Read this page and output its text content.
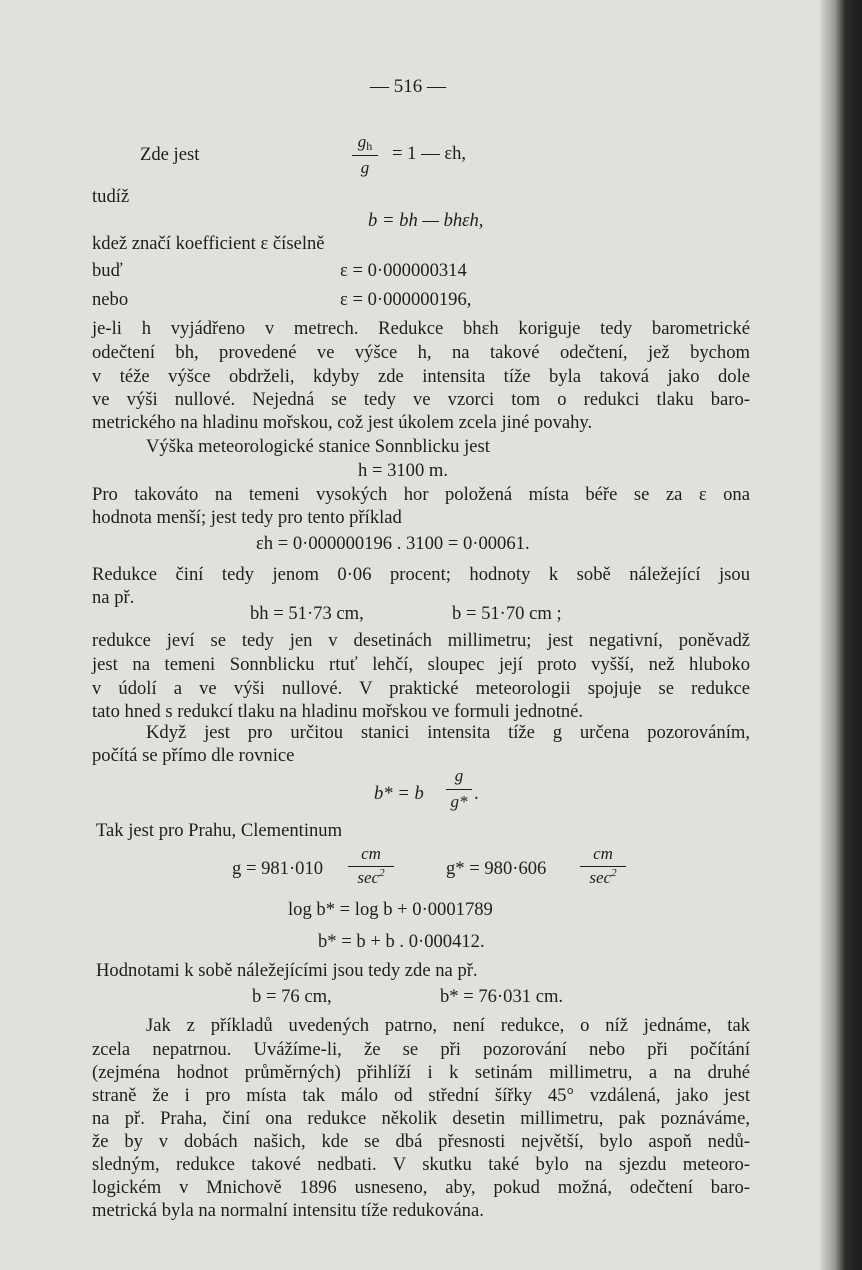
— 516 —
Zde jest
gh
g
= 1 — εh,
tudíž
b = bh — bhεh,
kdež značí koefficient ε číselně
buď	ε = 0·000000314
nebo	ε = 0·000000196,
je-li h vyjádřeno v metrech. Redukce bhεh koriguje tedy barometrické
odečtení bh, provedené ve výšce h, na takové odečtení, jež bychom
v téže výšce obdrželi, kdyby zde intensita tíže byla taková jako dole
ve výši nullové. Nejedná se tedy ve vzorci tom o redukci tlaku baro-
metrického na hladinu mořskou, což jest úkolem zcela jiné povahy.
Výška meteorologické stanice Sonnblicku jest
h = 3100 m.
Pro takováto na temeni vysokých hor položená místa béře se za ε ona
hodnota menší; jest tedy pro tento příklad
εh = 0·000000196 . 3100 = 0·00061.
Redukce činí tedy jenom 0·06 procent; hodnoty k sobě náležející jsou
na př.
bh = 51·73 cm,	b = 51·70 cm ;
redukce jeví se tedy jen v desetinách millimetru; jest negativní, poněvadž
jest na temeni Sonnblicku rtuť lehčí, sloupec její proto vyšší, než hluboko
v údolí a ve výši nullové. V praktické meteorologii spojuje se redukce
tato hned s redukcí tlaku na hladinu mořskou ve formuli jednotné.
Když jest pro určitou stanici intensita tíže g určena pozorováním,
počítá se přímo dle rovnice
b* = b
g
g* .
Tak jest pro Prahu, Clementinum
g = 981·010
cm
$\sec^2$	g* = 980·606
cm
$\sec^2$
log b* = log b + 0·0001789
b* = b + b . 0·000412.
Hodnotami k sobě náležejícími jsou tedy zde na př.
b = 76 cm,	b* = 76·031 cm.
Jak z příkladů uvedených patrno, není redukce, o níž jednáme, tak
zcela nepatrnou. Uvážíme-li, že se při pozorování nebo při počítání
(zejména hodnot průměrných) přihlíží i k setinám millimetru, a na druhé
straně že i pro místa tak málo od střední šířky 45° vzdálená, jako jest
na př. Praha, činí ona redukce několik desetin millimetru, pak poznáváme,
že by v dobách našich, kde se dbá přesnosti největší, bylo aspoň nedů-
sledným, redukce takové nedbati. V skutku také bylo na sjezdu meteoro-
logickém v Mnichově 1896 usneseno, aby, pokud možná, odečtení baro-
metrická byla na normalní intensitu tíže redukována.
